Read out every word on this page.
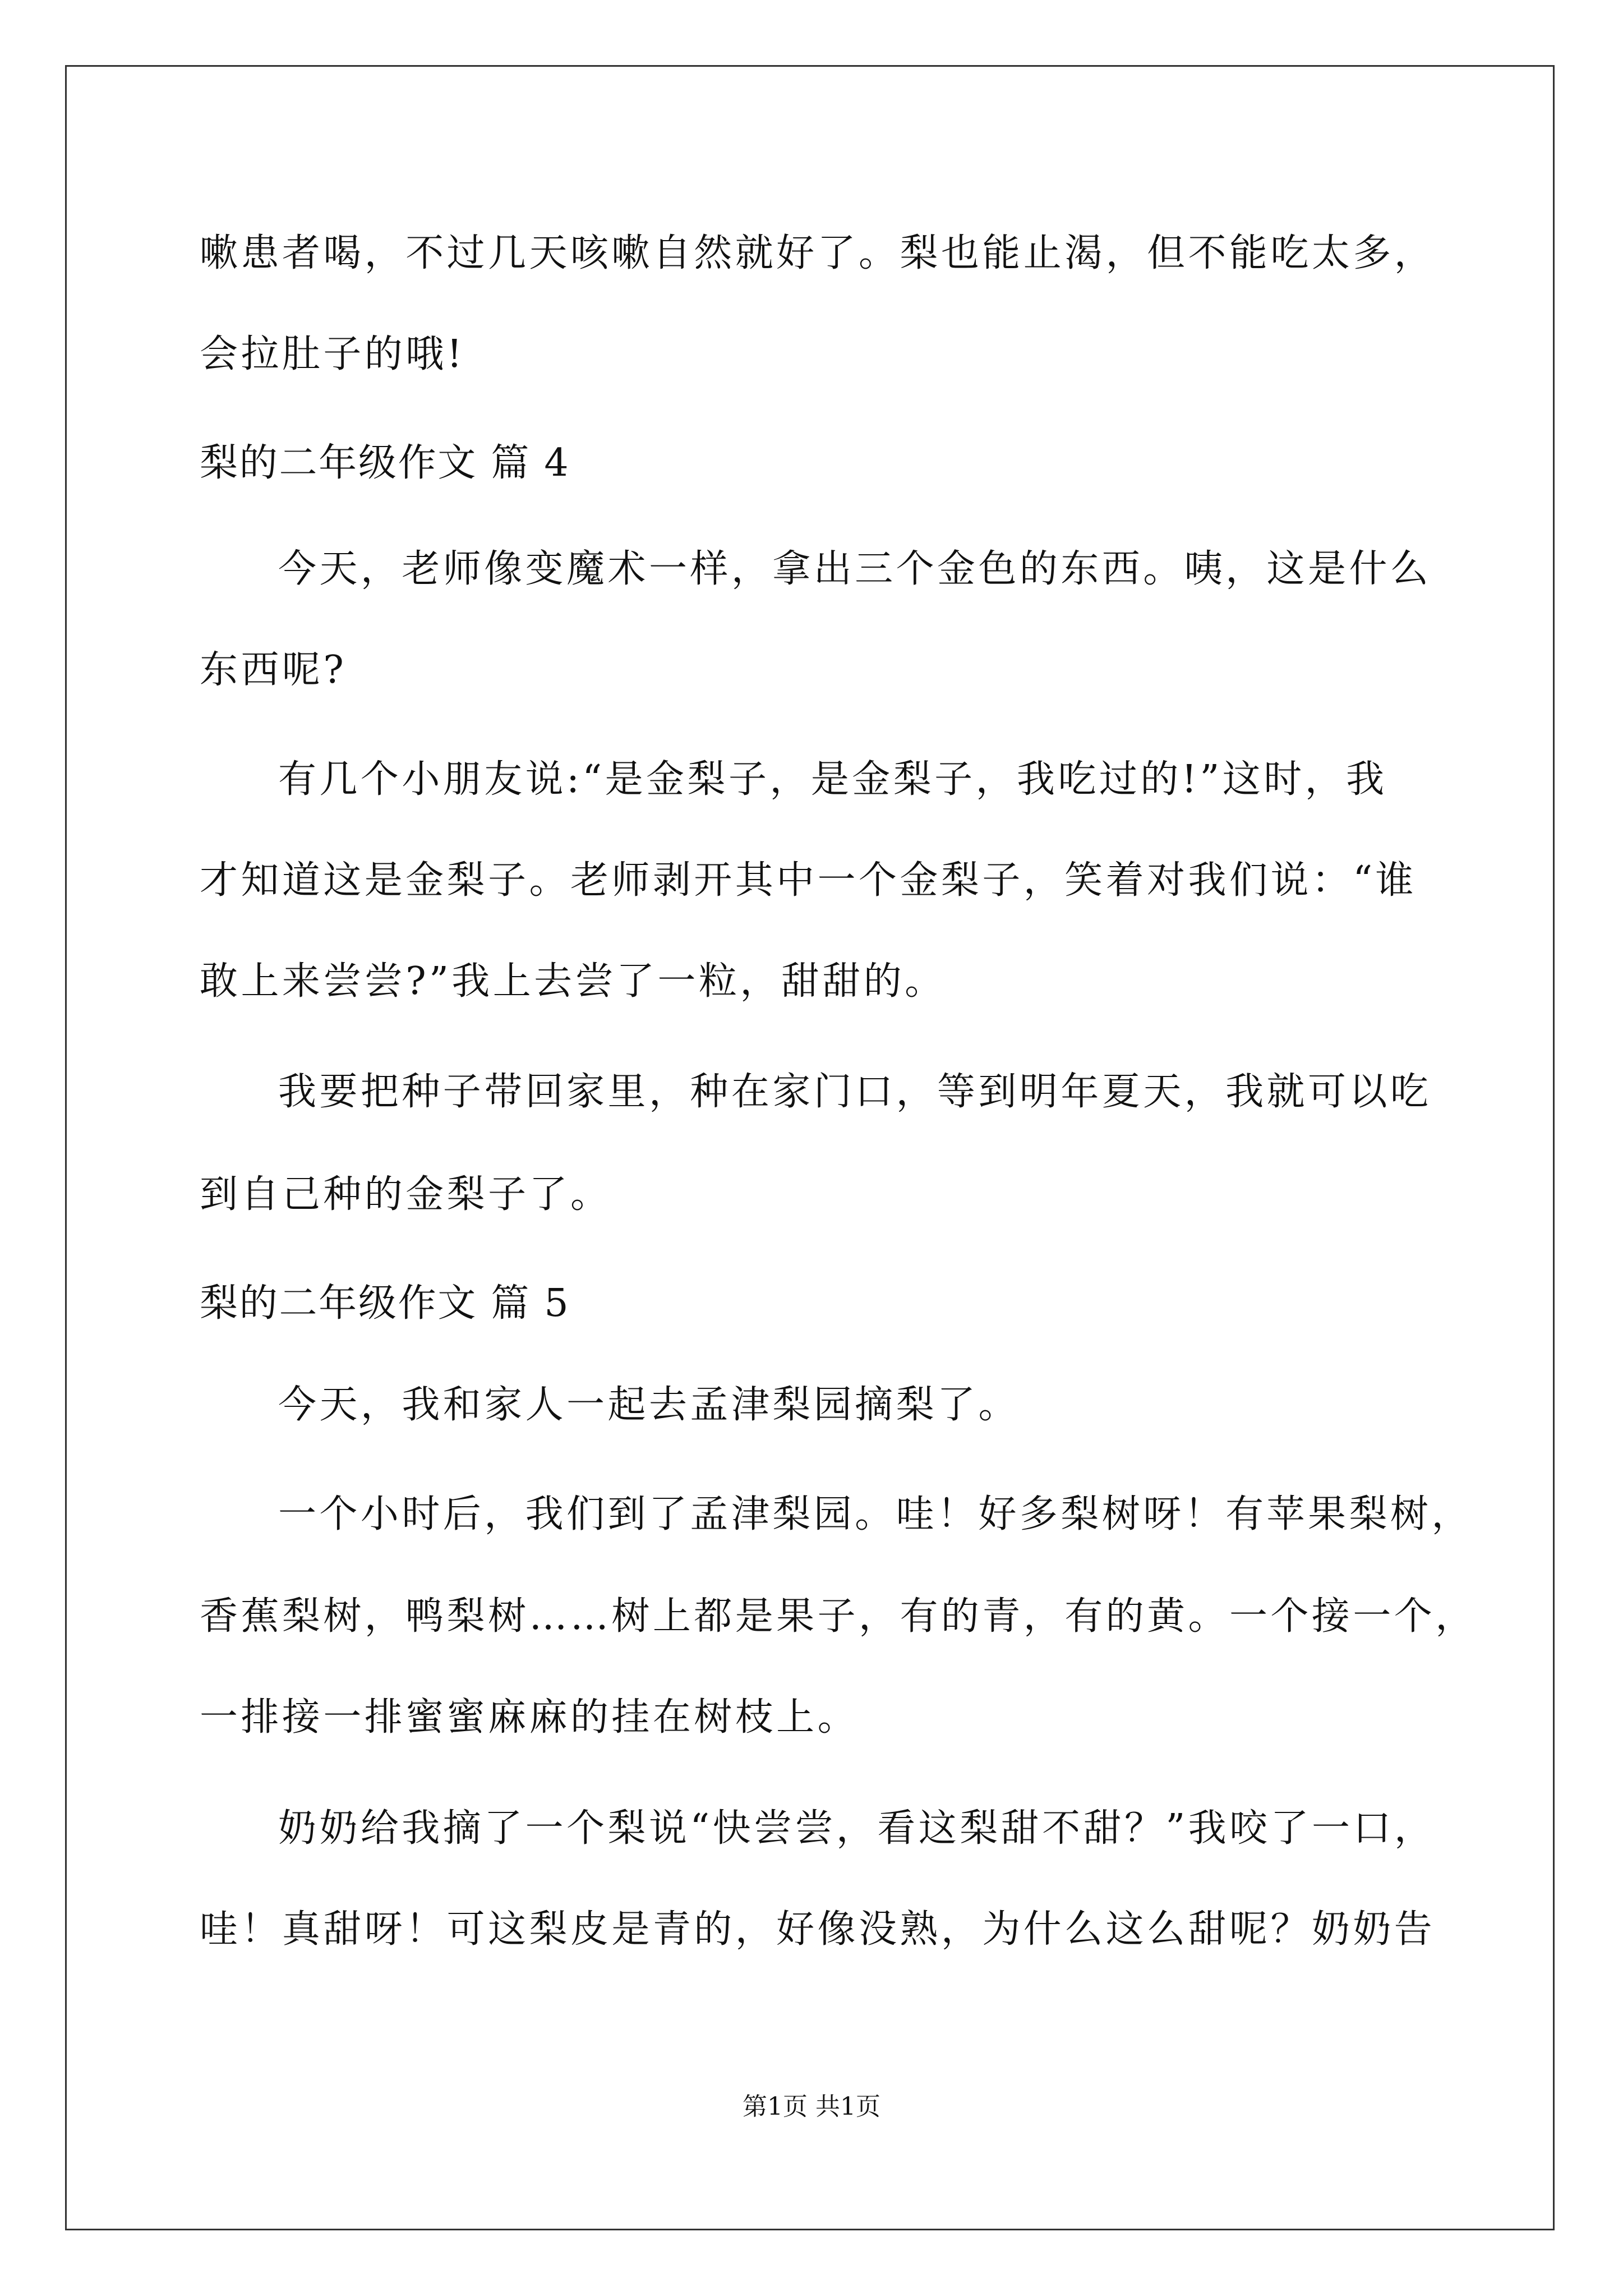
嗽患者喝，不过几天咳嗽自然就好了。梨也能止渴，但不能吃太多，
会拉肚子的哦!
梨的二年级作文 篇 4
今天，老师像变魔术一样，拿出三个金色的东西。咦，这是什么
东西呢?
有几个小朋友说:“是金梨子，是金梨子，我吃过的!”这时，我
才知道这是金梨子。老师剥开其中一个金梨子，笑着对我们说：“谁
敢上来尝尝?”我上去尝了一粒，甜甜的。
我要把种子带回家里，种在家门口，等到明年夏天，我就可以吃
到自己种的金梨子了。
梨的二年级作文 篇 5
今天，我和家人一起去孟津梨园摘梨了。
一个小时后，我们到了孟津梨园。哇！好多梨树呀！有苹果梨树，
香蕉梨树，鸭梨树……树上都是果子，有的青，有的黄。一个接一个，
一排接一排蜜蜜麻麻的挂在树枝上。
奶奶给我摘了一个梨说“快尝尝，看这梨甜不甜？”我咬了一口，
哇！真甜呀！可这梨皮是青的，好像没熟，为什么这么甜呢？奶奶告
第1页 共1页
